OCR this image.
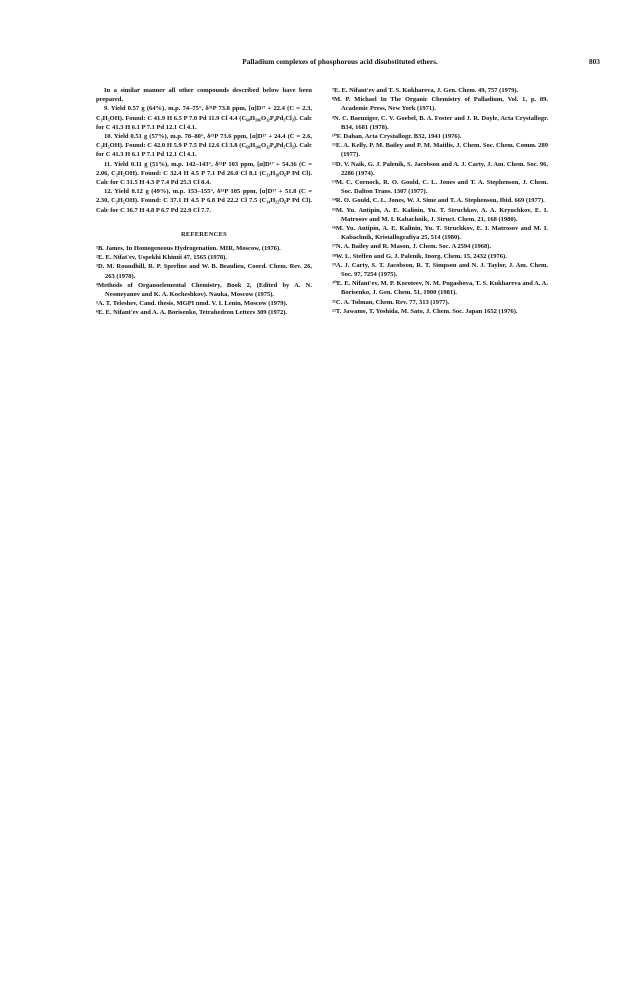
Palladium complexes of phosphorous acid disubstituted ethers.	803

In a similar manner all other compounds described below have been prepared.

9. Yield 0.57 g (64%), m.p. 74–75°, δ³¹P 73.8 ppm, [α]D¹⁷ + 22.4 (C = 2.3, C₂H₅OH). Found: C 41.9 H 6.5 P 7.0 Pd 11.9 Cl 4.4 (C₆₀H₁₀₆O₃₂P₄Pd₂Cl₂). Calc for C 41.3 H 6.1 P 7.1 Pd 12.1 Cl 4.1.

10. Yield 0.51 g (57%), m.p. 78–80°, δ³¹P 73.6 ppm, [α]D¹⁷ + 24.4 (C = 2.6, C₂H₅OH). Found: C 42.0 H 5.9 P 7.5 Pd 12.6 Cl 3.8 (C₆₀H₁₀₆O₃₂P₄Pd₂Cl₂). Calc for C 41.3 H 6.1 P 7.1 Pd 12.1 Cl 4.1.

11. Yield 0.11 g (51%), m.p. 142–143°, δ³¹P 103 ppm, [α]D¹⁷ + 54.36 (C = 2.06, C₂H₅OH). Found: C 32.4 H 4.5 P 7.1 Pd 26.0 Cl 8.1 (C₁₁H₁₈O₆P Pd Cl). Calc for C 31.5 H 4.3 P 7.4 Pd 25.3 Cl 8.4.

12. Yield 0.12 g (49%), m.p. 153–155°, δ³¹P 105 ppm, [α]D¹⁷ + 51.8 (C = 2.30, C₂H₅OH). Found: C 37.1 H 4.5 P 6.8 Pd 22.2 Cl 7.5 (C₁₄H₂₂O₆P Pd Cl). Calc for C 36.7 H 4.8 P 6.7 Pd 22.9 Cl 7.7.

REFERENCES

¹B. James, In Homogeneous Hydrogenation. MIR, Moscow, (1976).

²E. E. Nifat'ev, Uspekhi Khimii 47, 1565 (1978).

³D. M. Roundhill, R. P. Sperline and W. B. Beaulieu, Coord. Chem. Rev. 26, 263 (1978).

⁴Methods of Organoelemental Chemistry, Book 2, (Edited by A. N. Nesmeyanov and K. A. Kocheshkov). Nauka, Moscow (1975).

⁵A. T. Teleshev, Cand. thesis, MGPI nmd. V. I. Lenin, Moscow (1979).

⁶E. E. Nifant'ev and A. A. Borisenko, Tetrahedron Letters 309 (1972).

⁷E. E. Nifant'ev and T. S. Kukhareva, J. Gen. Chem. 49, 757 (1979).

⁸M. P. Michael In The Organic Chemistry of Palladium, Vol. 1, p. 89. Academic Press, New York (1971).

⁹N. C. Baenziger, C. V. Goebel, B. A. Foster and J. R. Doyle, Acta Crystallogr. B34, 1681 (1978).

¹⁰F. Dahan, Acta Crystallogr. B32, 1941 (1976).

¹¹E. A. Kelly, P. M. Bailey and P. M. Maitlis, J. Chem. Soc. Chem. Comm. 289 (1977).

¹²D. V. Naik, G. J. Palenik, S. Jacobson and A. J. Carty, J. Am. Chem. Soc. 96, 2286 (1974).

¹³M. C. Cornock, R. O. Gould, C. L. Jones and T. A. Stephenson, J. Chem. Soc. Dalton Trans. 1307 (1977).

¹⁴R. O. Gould, C. L. Jones, W. J. Sime and T. A. Stephenson, Ibid. 669 (1977).

¹⁵M. Yu. Antipin, A. E. Kalinin, Yu. T. Struchkov, A. A. Kryuchkov, E. I. Matrosov and M. I. Kabachnik, J. Struct. Chem. 21, 168 (1980).

¹⁶M. Yu. Antipin, A. E. Kalinin, Yu. T. Struchkov, E. I. Matrosov and M. I. Kabachnik, Kristallografiya 25, 514 (1980).

¹⁷N. A. Bailey and R. Mason, J. Chem. Soc. A 2594 (1968).

¹⁸W. L. Steffen and G. J. Palenik, Inorg. Chem. 15, 2432 (1976).

¹⁹A. J. Carty, S. T. Jacobson, R. T. Simpson and N. J. Taylor, J. Am. Chem. Soc. 97, 7254 (1975).

²⁰E. E. Nifant'ev, M. P. Koroteev, N. M. Pugashova, T. S. Kukhareva and A. A. Borisenko, J. Gen. Chem. 51, 1900 (1981).

²¹C. A. Tolman, Chem. Rev. 77, 313 (1977).

²²T. Jawame, T. Yoshida, M. Sato, J. Chem. Soc. Japan 1652 (1976).
